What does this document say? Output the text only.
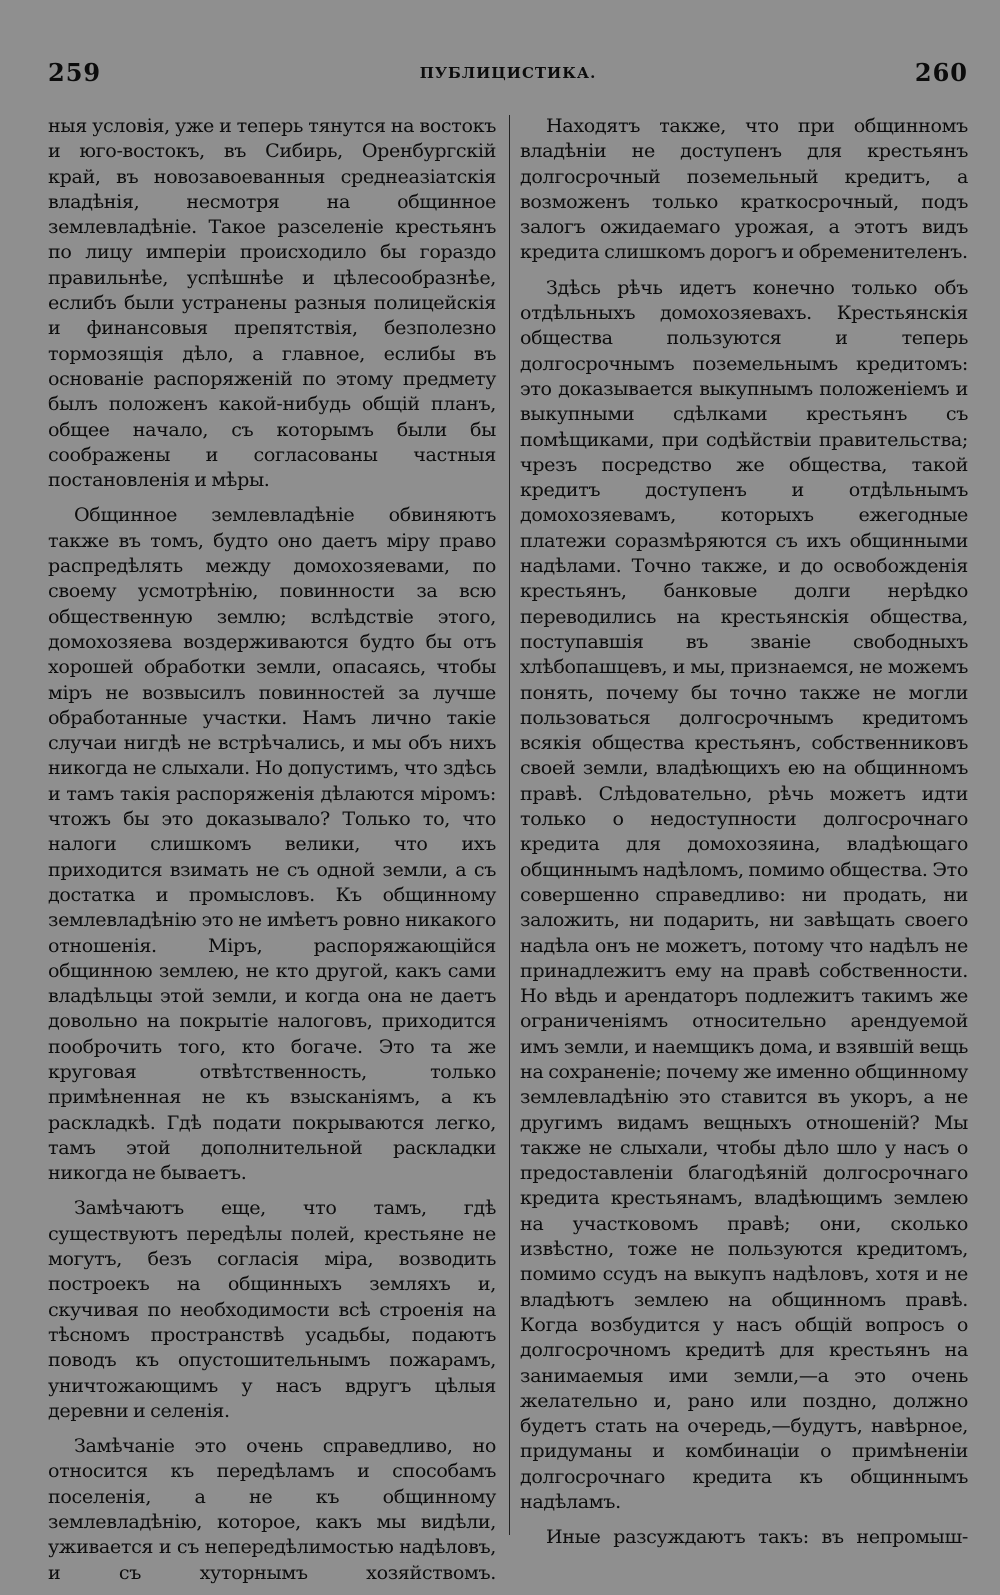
259	ПУБЛИЦИСТИКА.	260

ныя условія, уже и теперь тянутся на востокъ и юго-востокъ, въ Сибирь, Оренбургскій край, въ новозавоеванныя среднеазіатскія владѣнія, несмотря на общинное землевладѣніе. Такое разселеніе крестьянъ по лицу имперіи происходило бы гораздо правильнѣе, успѣшнѣе и цѣлесообразнѣе, еслибъ были устранены разныя полицейскія и финансовыя препятствія, безполезно тормозящія дѣло, а главное, еслибы въ основаніе распоряженій по этому предмету былъ положенъ какой-нибудь общій планъ, общее начало, съ которымъ были бы соображены и согласованы частныя постановленія и мѣры.

Общинное землевладѣніе обвиняютъ также въ томъ, будто оно даетъ міру право распредѣлять между домохозяевами, по своему усмотрѣнію, повинности за всю общественную землю; вслѣдствіе этого, домохозяева воздерживаются будто бы отъ хорошей обработки земли, опасаясь, чтобы міръ не возвысилъ повинностей за лучше обработанные участки. Намъ лично такіе случаи нигдѣ не встрѣчались, и мы объ нихъ никогда не слыхали. Но допустимъ, что здѣсь и тамъ такія распоряженія дѣлаются міромъ: чтожъ бы это доказывало? Только то, что налоги слишкомъ велики, что ихъ приходится взимать не съ одной земли, а съ достатка и промысловъ. Къ общинному землевладѣнію это не имѣетъ ровно никакого отношенія. Міръ, распоряжающійся общинною землею, не кто другой, какъ сами владѣльцы этой земли, и когда она не даетъ довольно на покрытіе налоговъ, приходится пооброчить того, кто богаче. Это та же круговая отвѣтственность, только примѣненная не къ взысканіямъ, а къ раскладкѣ. Гдѣ подати покрываются легко, тамъ этой дополнительной раскладки никогда не бываетъ.

Замѣчаютъ еще, что тамъ, гдѣ существуютъ передѣлы полей, крестьяне не могутъ, безъ согласія міра, возводить построекъ на общинныхъ земляхъ и, скучивая по необходимости всѣ строенія на тѣсномъ пространствѣ усадьбы, подаютъ поводъ къ опустошительнымъ пожарамъ, уничтожающимъ у насъ вдругъ цѣлыя деревни и селенія.

Замѣчаніе это очень справедливо, но относится къ передѣламъ и способамъ поселенія, а не къ общинному землевладѣнію, которое, какъ мы видѣли, уживается и съ непередѣлимостью надѣловъ, и съ хуторнымъ хозяйствомъ.

Находятъ также, что при общинномъ владѣніи не доступенъ для крестьянъ долгосрочный поземельный кредитъ, а возможенъ только краткосрочный, подъ залогъ ожидаемаго урожая, а этотъ видъ кредита слишкомъ дорогъ и обременителенъ.

Здѣсь рѣчь идетъ конечно только объ отдѣльныхъ домохозяевахъ. Крестьянскія общества пользуются и теперь долгосрочнымъ поземельнымъ кредитомъ: это доказывается выкупнымъ положеніемъ и выкупными сдѣлками крестьянъ съ помѣщиками, при содѣйствіи правительства; чрезъ посредство же общества, такой кредитъ доступенъ и отдѣльнымъ домохозяевамъ, которыхъ ежегодные платежи соразмѣряются съ ихъ общинными надѣлами. Точно также, и до освобожденія крестьянъ, банковые долги нерѣдко переводились на крестьянскія общества, поступавшія въ званіе свободныхъ хлѣбопашцевъ, и мы, признаемся, не можемъ понять, почему бы точно также не могли пользоваться долгосрочнымъ кредитомъ всякія общества крестьянъ, собственниковъ своей земли, владѣющихъ ею на общинномъ правѣ. Слѣдовательно, рѣчь можетъ идти только о недоступности долгосрочнаго кредита для домохозяина, владѣющаго общиннымъ надѣломъ, помимо общества. Это совершенно справедливо: ни продать, ни заложить, ни подарить, ни завѣщать своего надѣла онъ не можетъ, потому что надѣлъ не принадлежитъ ему на правѣ собственности. Но вѣдь и арендаторъ подлежитъ такимъ же ограниченіямъ относительно арендуемой имъ земли, и наемщикъ дома, и взявшій вещь на сохраненіе; почему же именно общинному землевладѣнію это ставится въ укоръ, а не другимъ видамъ вещныхъ отношеній? Мы также не слыхали, чтобы дѣло шло у насъ о предоставленіи благодѣяній долгосрочнаго кредита крестьянамъ, владѣющимъ землею на участковомъ правѣ; они, сколько извѣстно, тоже не пользуются кредитомъ, помимо ссудъ на выкупъ надѣловъ, хотя и не владѣютъ землею на общинномъ правѣ. Когда возбудится у насъ общій вопросъ о долгосрочномъ кредитѣ для крестьянъ на занимаемыя ими земли,—а это очень желательно и, рано или поздно, должно будетъ стать на очередь,—будутъ, навѣрное, придуманы и комбинаціи о примѣненіи долгосрочнаго кредита къ общиннымъ надѣламъ.

Иные разсуждаютъ такъ: въ непромыш-
